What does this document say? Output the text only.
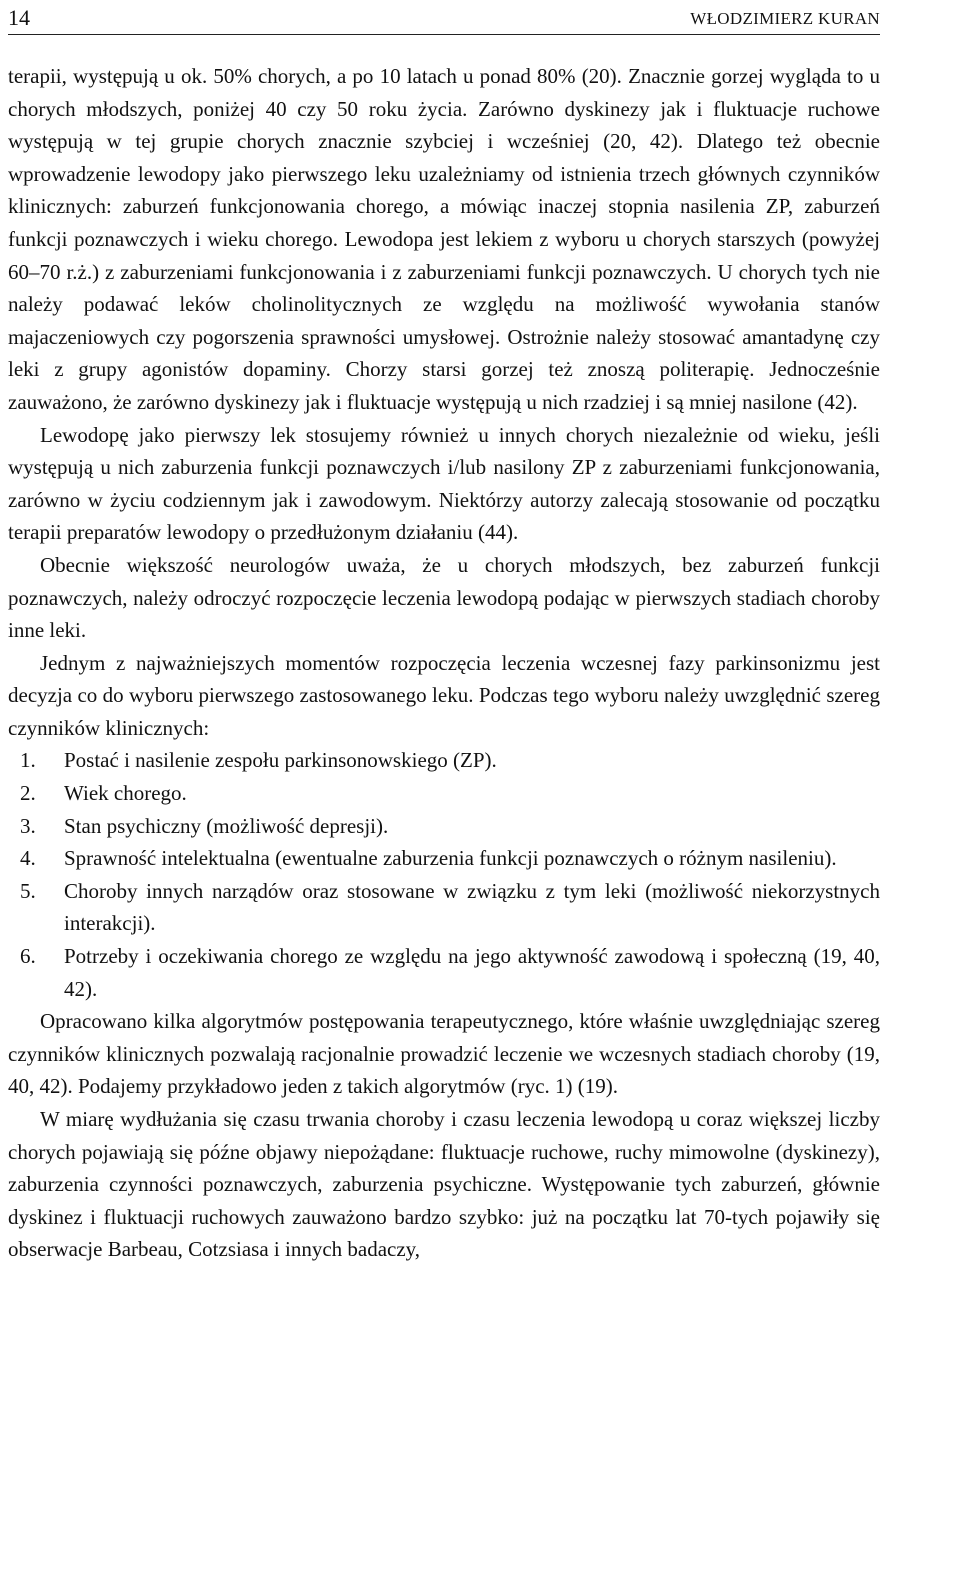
14	WŁODZIMIERZ KURAN

terapii, występują u ok. 50% chorych, a po 10 latach u ponad 80% (20). Znacznie gorzej wygląda to u chorych młodszych, poniżej 40 czy 50 roku życia. Zarówno dyskinezy jak i fluktuacje ruchowe występują w tej grupie chorych znacznie szybciej i wcześniej (20, 42). Dlatego też obecnie wprowadzenie lewodopy jako pierwszego leku uzależniamy od istnienia trzech głównych czynników klinicznych: zaburzeń funkcjonowania chorego, a mówiąc inaczej stopnia nasilenia ZP, zaburzeń funkcji poznawczych i wieku chorego. Lewodopa jest lekiem z wyboru u chorych starszych (powyżej 60–70 r.ż.) z zaburzeniami funkcjonowania i z zaburzeniami funkcji poznawczych. U chorych tych nie należy podawać leków cholinolitycznych ze względu na możliwość wywołania stanów majaczeniowych czy pogorszenia sprawności umysłowej. Ostrożnie należy stosować amantadynę czy leki z grupy agonistów dopaminy. Chorzy starsi gorzej też znoszą politerapię. Jednocześnie zauważono, że zarówno dyskinezy jak i fluktuacje występują u nich rzadziej i są mniej nasilone (42).

Lewodopę jako pierwszy lek stosujemy również u innych chorych niezależnie od wieku, jeśli występują u nich zaburzenia funkcji poznawczych i/lub nasilony ZP z zaburzeniami funkcjonowania, zarówno w życiu codziennym jak i zawodowym. Niektórzy autorzy zalecają stosowanie od początku terapii preparatów lewodopy o przedłużonym działaniu (44).

Obecnie większość neurologów uważa, że u chorych młodszych, bez zaburzeń funkcji poznawczych, należy odroczyć rozpoczęcie leczenia lewodopą podając w pierwszych stadiach choroby inne leki.

Jednym z najważniejszych momentów rozpoczęcia leczenia wczesnej fazy parkinsonizmu jest decyzja co do wyboru pierwszego zastosowanego leku. Podczas tego wyboru należy uwzględnić szereg czynników klinicznych:

1.	Postać i nasilenie zespołu parkinsonowskiego (ZP).
2.	Wiek chorego.
3.	Stan psychiczny (możliwość depresji).
4.	Sprawność intelektualna (ewentualne zaburzenia funkcji poznawczych o różnym nasileniu).
5.	Choroby innych narządów oraz stosowane w związku z tym leki (możliwość niekorzystnych interakcji).
6.	Potrzeby i oczekiwania chorego ze względu na jego aktywność zawodową i społeczną (19, 40, 42).

Opracowano kilka algorytmów postępowania terapeutycznego, które właśnie uwzględniając szereg czynników klinicznych pozwalają racjonalnie prowadzić leczenie we wczesnych stadiach choroby (19, 40, 42). Podajemy przykładowo jeden z takich algorytmów (ryc. 1) (19).

W miarę wydłużania się czasu trwania choroby i czasu leczenia lewodopą u coraz większej liczby chorych pojawiają się późne objawy niepożądane: fluktuacje ruchowe, ruchy mimowolne (dyskinezy), zaburzenia czynności poznawczych, zaburzenia psychiczne. Występowanie tych zaburzeń, głównie dyskinez i fluktuacji ruchowych zauważono bardzo szybko: już na początku lat 70-tych pojawiły się obserwacje Barbeau, Cotzsiasa i innych badaczy,
